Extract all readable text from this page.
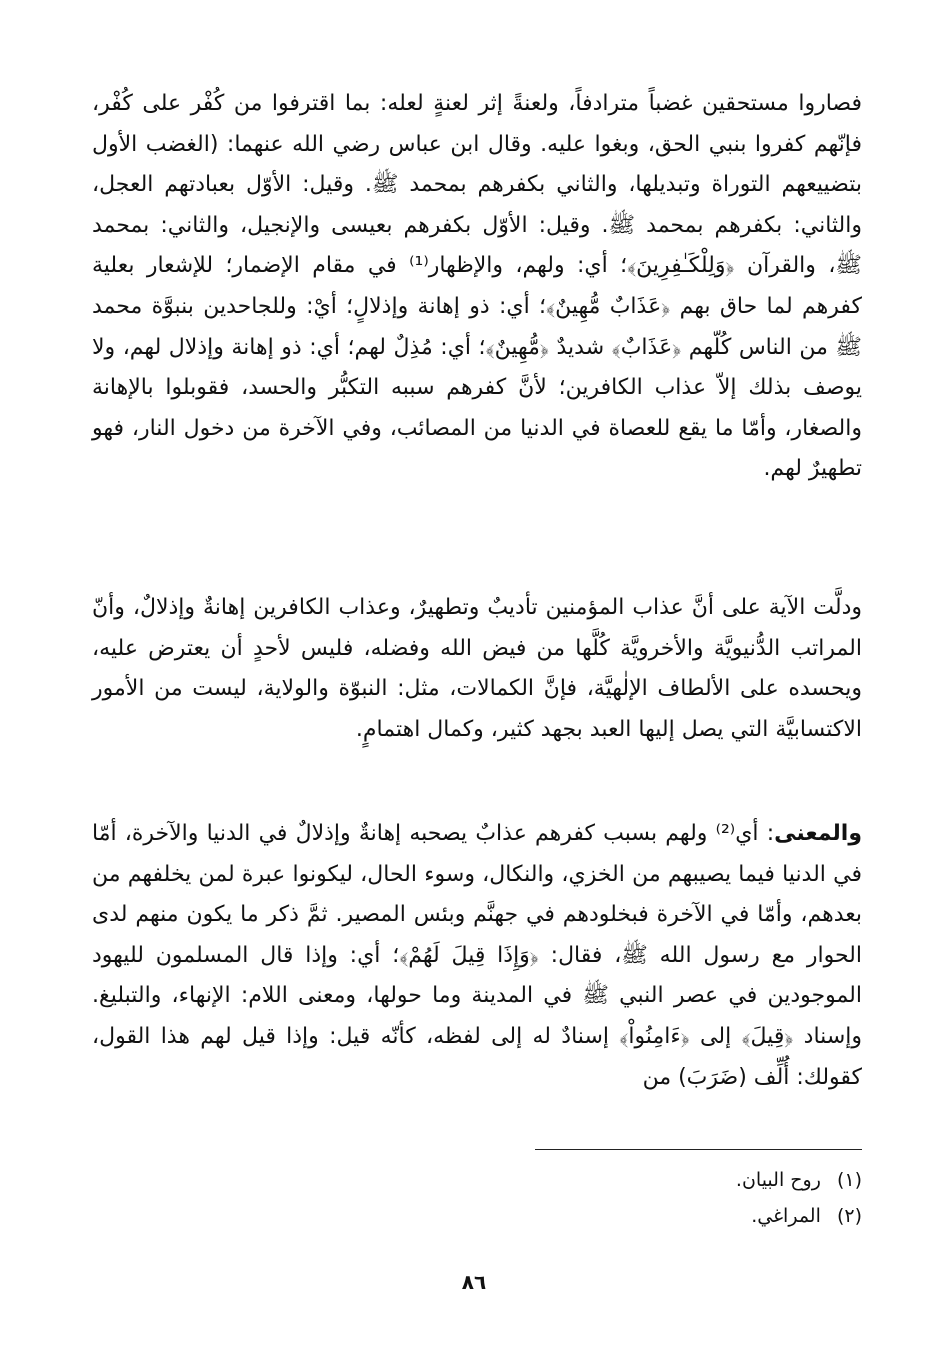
فصاروا مستحقين غضباً مترادفاً، ولعنةً إثر لعنةٍ لعله: بما اقترفوا من كُفْر على كُفْر، فإنّهم كفروا بنبي الحق، وبغوا عليه. وقال ابن عباس رضي الله عنهما: (الغضب الأول بتضييعهم التوراة وتبديلها، والثاني بكفرهم بمحمد ﷺ. وقيل: الأوّل بعبادتهم العجل، والثاني: بكفرهم بمحمد ﷺ. وقيل: الأوّل بكفرهم بعيسى والإنجيل، والثاني: بمحمد ﷺ، والقرآن ﴿وَلِلْكَـٰفِرِينَ﴾؛ أي: ولهم، والإظهار⁽¹⁾ في مقام الإضمار؛ للإشعار بعلية كفرهم لما حاق بهم ﴿عَذَابٌ مُّهِينٌ﴾؛ أي: ذو إهانة وإذلالٍ؛ أيْ: وللجاحدين بنبوَّة محمد ﷺ من الناس كُلّهم ﴿عَذَابٌ﴾ شديدٌ ﴿مُّهِينٌ﴾؛ أي: مُذِلٌ لهم؛ أي: ذو إهانة وإذلال لهم، ولا يوصف بذلك إلاّ عذاب الكافرين؛ لأنَّ كفرهم سببه التكبُّر والحسد، فقوبلوا بالإهانة والصغار، وأمّا ما يقع للعصاة في الدنيا من المصائب، وفي الآخرة من دخول النار، فهو تطهيرٌ لهم.

ودلَّت الآية على أنَّ عذاب المؤمنين تأديبٌ وتطهيرٌ، وعذاب الكافرين إهانةٌ وإذلالٌ، وأنّ المراتب الدُّنيويَّة والأخرويَّة كُلَّها من فيض الله وفضله، فليس لأحدٍ أن يعترض عليه، ويحسده على الألطاف الإلٰهيَّة، فإنَّ الكمالات، مثل: النبوّة والولاية، ليست من الأمور الاكتسابيَّة التي يصل إليها العبد بجهد كثير، وكمال اهتمامٍ.

والمعنى: أي⁽²⁾ ولهم بسبب كفرهم عذابٌ يصحبه إهانةٌ وإذلالٌ في الدنيا والآخرة، أمّا في الدنيا فيما يصيبهم من الخزي، والنكال، وسوء الحال، ليكونوا عبرة لمن يخلفهم من بعدهم، وأمّا في الآخرة فبخلودهم في جهنَّم وبئس المصير. ثمَّ ذكر ما يكون منهم لدى الحوار مع رسول الله ﷺ، فقال: ﴿وَإِذَا قِيلَ لَهُمْ﴾؛ أي: وإذا قال المسلمون لليهود الموجودين في عصر النبي ﷺ في المدينة وما حولها، ومعنى اللام: الإنهاء، والتبليغ. وإسناد ﴿قِيلَ﴾ إلى ﴿ءَامِنُواْ﴾ إسنادٌ له إلى لفظه، كأنّه قيل: وإذا قيل لهم هذا القول، كقولك: أُلِّف (ضَرَبَ) من

(١) روح البيان.
(٢) المراغي.
٨٦
